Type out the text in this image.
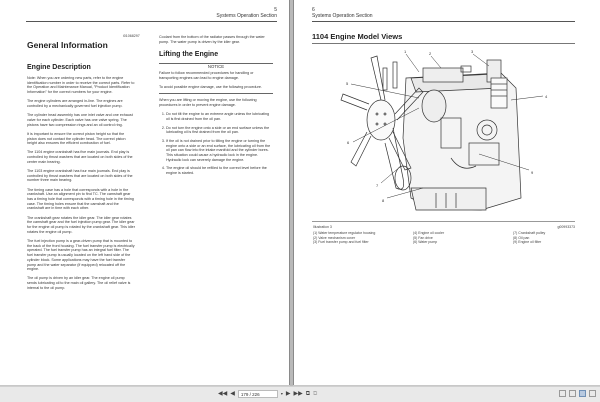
5
Systems Operation Section
i01068297
General Information
Engine Description

Note: When you are ordering new parts, refer to the engine identification number in order to receive the correct parts. Refer to the Operation and Maintenance Manual, "Product Identification Information" for the correct numbers for your engine.

The engine cylinders are arranged in-line. The engines are controlled by a mechanically governed fuel injection pump.

The cylinder head assembly has one inlet valve and one exhaust valve for each cylinder. Each valve has one valve spring. The pistons have two compression rings and an oil control ring.

It is important to ensure the correct piston height so that the piston does not contact the cylinder head. The correct piston height also ensures the efficient combustion of fuel.

The 1104 engine crankshaft has five main journals. End play is controlled by thrust washers that are located on both sides of the center main bearing.

The 1103 engine crankshaft has four main journals. End play is controlled by thrust washers that are located on both sides of the number three main bearing.

The timing case has a hole that corresponds with a hole in the crankshaft. Use an alignment pin to find TC. The camshaft gear has a timing hole that corresponds with a timing hole in the timing case. The timing holes ensure that the camshaft and the crankshaft are in time with each other.

The crankshaft gear rotates the idler gear. The idler gear rotates the camshaft gear and the fuel injection pump gear. The idler gear for the engine oil pump is rotated by the crankshaft gear. This idler rotates the engine oil pump.

The fuel injection pump is a gear-driven pump that is mounted to the back of the front housing. The fuel transfer pump is electrically operated. The fuel transfer pump has an integral fuel filter. The fuel transfer pump is usually located on the left hand side of the cylinder block. Some applications may have the fuel transfer pump and the water separator (if equipped) relocated off the engine.

The oil pump is driven by an idler gear. The engine oil pump sends lubricating oil to the main oil gallery. The oil relief valve is internal to the oil pump.

Coolant from the bottom of the radiator passes through the water pump. The water pump is driven by the idler gear.

Lifting the Engine
NOTICE

Failure to follow recommended procedures for handling or transporting engines can lead to engine damage.

To avoid possible engine damage, use the following procedure.

When you are lifting or moving the engine, use the following procedures in order to prevent engine damage.

1. Do not tilt the engine to an extreme angle unless the lubricating oil is first drained from the oil pan.
2. Do not turn the engine onto a side or an end surface unless the lubricating oil is first drained from the oil pan.
3. If the oil is not drained prior to tilting the engine or turning the engine onto a side or an end surface, the lubricating oil from the oil pan can flow into the intake manifold and the cylinder bores. This situation could cause a hydraulic lock in the engine. Hydraulic lock can severely damage the engine.
4. The engine oil should be refilled to the correct level before the engine is started.
6
Systems Operation Section
1104 Engine Model Views
1	2	3
4
5
6
7
8
9
Illustration 3	g00993373
(1) Water temperature regulator housing
(2) Valve mechanism cover
(3) Fuel transfer pump and fuel filter
(4) Engine oil cooler
(5) Fan drive
(6) Water pump
(7) Crankshaft pulley
(8) Oil pan
(9) Engine oil filter
◀◀ ◀	179 / 226	▾ ▶ ▶▶ ⧉ ⧉
